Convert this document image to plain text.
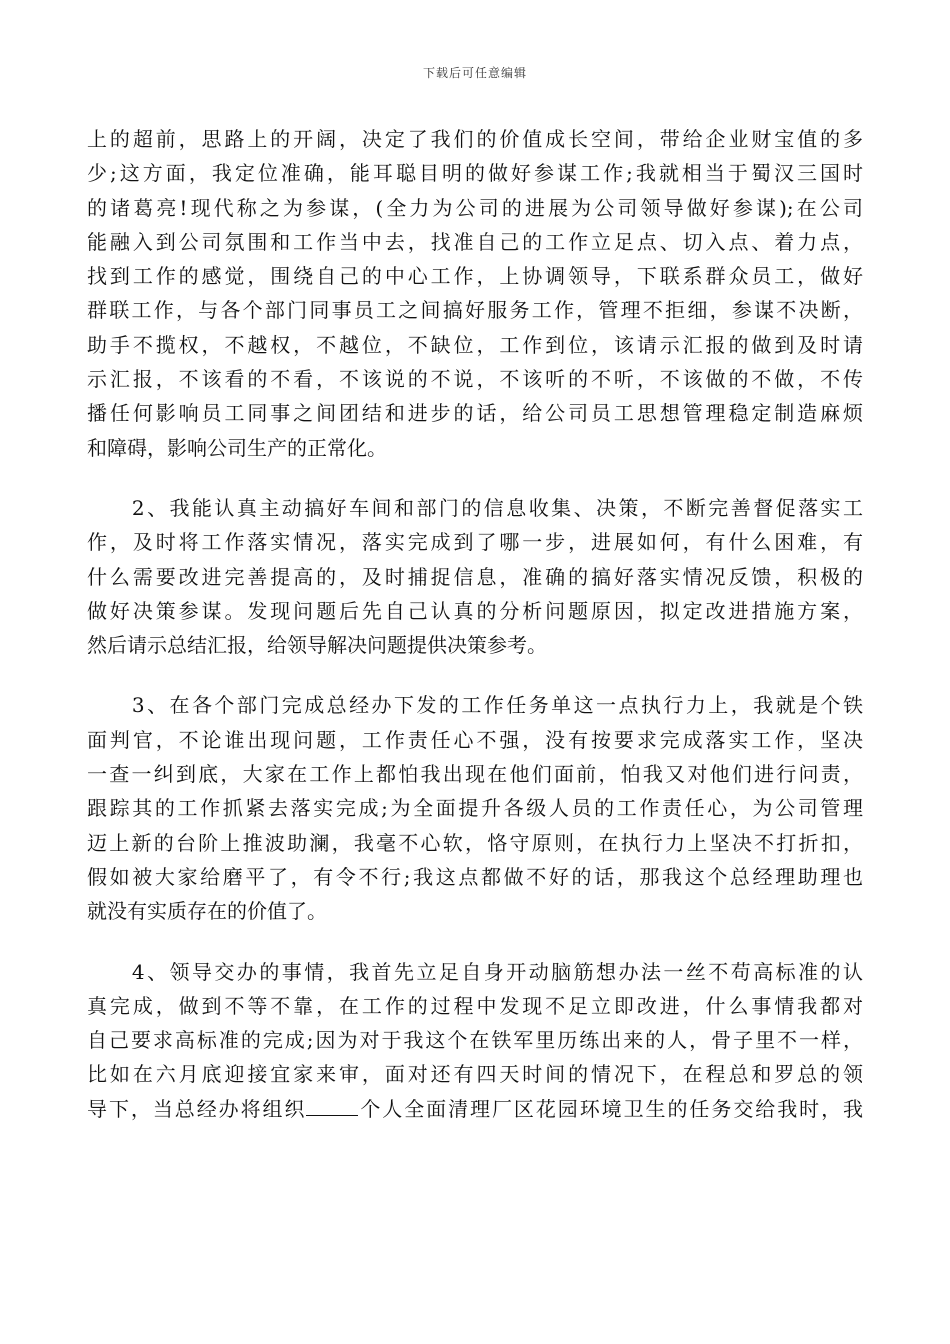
下载后可任意编辑
上的超前，思路上的开阔，决定了我们的价值成长空间，带给企业财宝值的多
少;这方面，我定位准确，能耳聪目明的做好参谋工作;我就相当于蜀汉三国时
的诸葛亮!现代称之为参谋，(全力为公司的进展为公司领导做好参谋);在公司
能融入到公司氛围和工作当中去，找准自己的工作立足点、切入点、着力点，
找到工作的感觉，围绕自己的中心工作，上协调领导，下联系群众员工，做好
群联工作，与各个部门同事员工之间搞好服务工作，管理不拒细，参谋不决断，
助手不揽权，不越权，不越位，不缺位，工作到位，该请示汇报的做到及时请
示汇报，不该看的不看，不该说的不说，不该听的不听，不该做的不做，不传
播任何影响员工同事之间团结和进步的话，给公司员工思想管理稳定制造麻烦
和障碍，影响公司生产的正常化。
　　2、我能认真主动搞好车间和部门的信息收集、决策，不断完善督促落实工
作，及时将工作落实情况，落实完成到了哪一步，进展如何，有什么困难，有
什么需要改进完善提高的，及时捕捉信息，准确的搞好落实情况反馈，积极的
做好决策参谋。发现问题后先自己认真的分析问题原因，拟定改进措施方案，
然后请示总结汇报，给领导解决问题提供决策参考。
　　3、在各个部门完成总经办下发的工作任务单这一点执行力上，我就是个铁
面判官，不论谁出现问题，工作责任心不强，没有按要求完成落实工作，坚决
一查一纠到底，大家在工作上都怕我出现在他们面前，怕我又对他们进行问责，
跟踪其的工作抓紧去落实完成;为全面提升各级人员的工作责任心，为公司管理
迈上新的台阶上推波助澜，我毫不心软，恪守原则，在执行力上坚决不打折扣，
假如被大家给磨平了，有令不行;我这点都做不好的话，那我这个总经理助理也
就没有实质存在的价值了。
　　4、领导交办的事情，我首先立足自身开动脑筋想办法一丝不苟高标准的认
真完成，做到不等不靠，在工作的过程中发现不足立即改进，什么事情我都对
自己要求高标准的完成;因为对于我这个在铁军里历练出来的人，骨子里不一样，
比如在六月底迎接宜家来审，面对还有四天时间的情况下，在程总和罗总的领
导下，当总经办将组织	个人全面清理厂区花园环境卫生的任务交给我时，我
